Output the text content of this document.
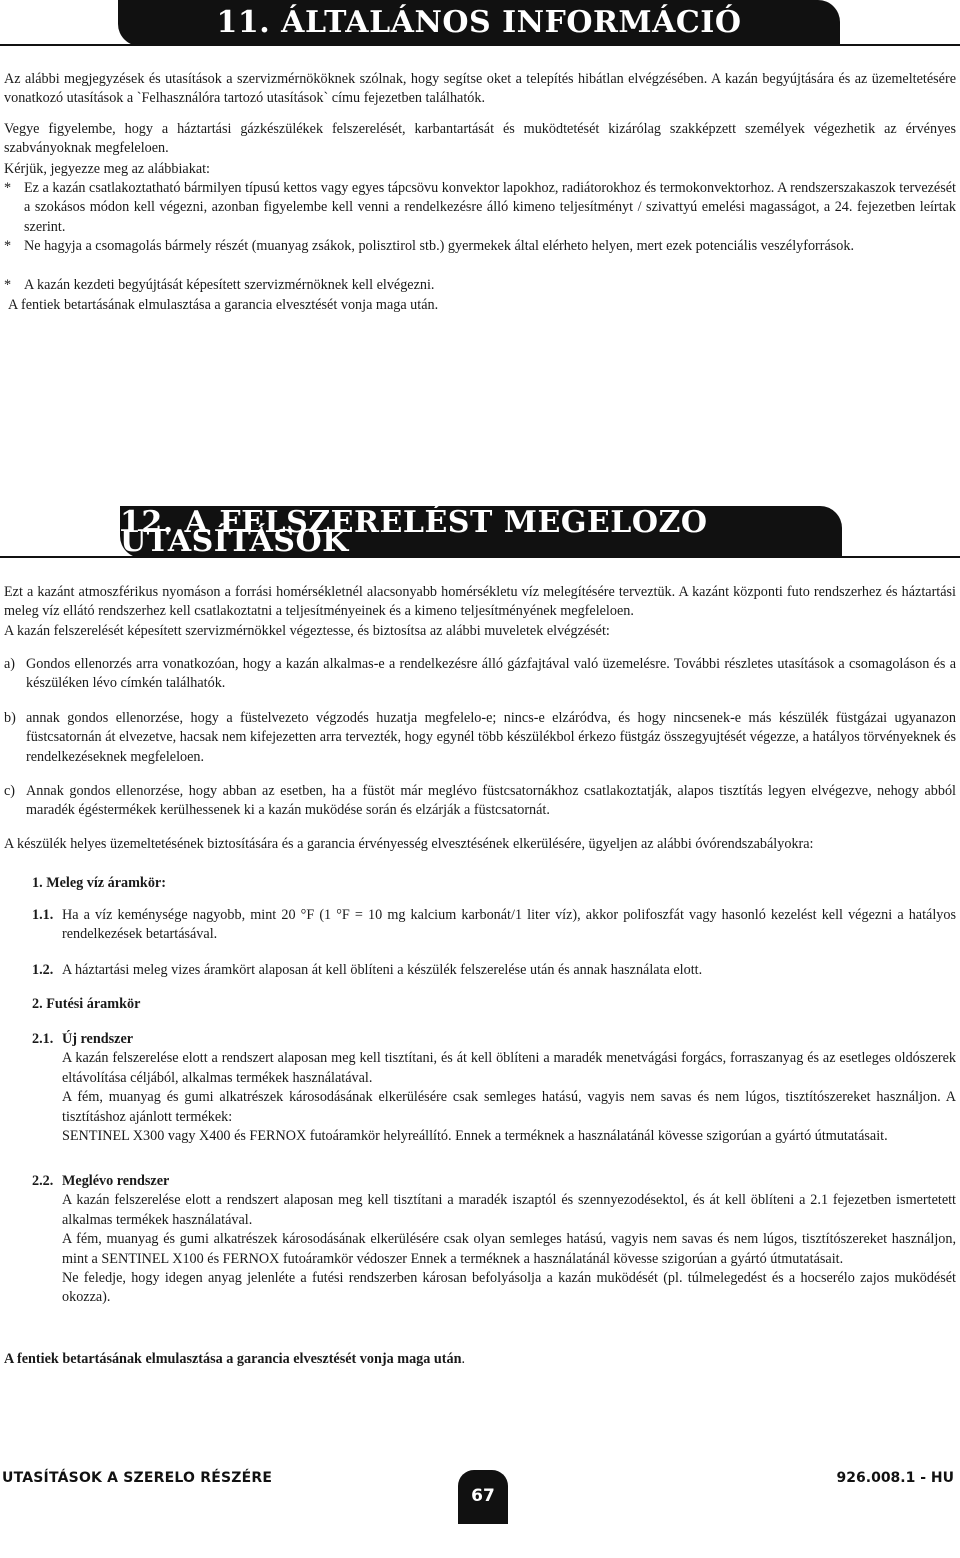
11. ÁLTALÁNOS INFORMÁCIÓ

Az alábbi megjegyzések és utasítások a szervizmérnököknek szólnak, hogy segítse oket a telepítés hibátlan elvégzésében. A kazán begyújtására és az üzemeltetésére vonatkozó utasítások a `Felhasználóra tartozó utasítások` címu fejezetben találhatók.

Vegye figyelembe, hogy a háztartási gázkészülékek felszerelését, karbantartását és muködtetését kizárólag szakképzett személyek végezhetik az érvényes szabványoknak megfeleloen.

Kérjük, jegyezze meg az alábbiakat:

* Ez a kazán csatlakoztatható bármilyen típusú kettos vagy egyes tápcsövu konvektor lapokhoz, radiátorokhoz és termokonvektorhoz. A rendszerszakaszok tervezését a szokásos módon kell végezni, azonban figyelembe kell venni a rendelkezésre álló kimeno teljesítményt / szivattyú emelési magasságot, a 24. fejezetben leírtak szerint.
* Ne hagyja a csomagolás bármely részét (muanyag zsákok, polisztirol stb.) gyermekek által elérheto helyen, mert ezek potenciális veszélyforrások.
* A kazán kezdeti begyújtását képesített szervizmérnöknek kell elvégezni.

A fentiek betartásának elmulasztása a garancia elvesztését vonja maga után.

12. A FELSZERELÉST MEGELOZO UTASÍTÁSOK

Ezt a kazánt atmoszférikus nyomáson a forrási homérsékletnél alacsonyabb homérsékletu víz melegítésére terveztük. A kazánt központi futo rendszerhez és háztartási meleg víz ellátó rendszerhez kell csatlakoztatni a teljesítményeinek és a kimeno teljesítményének megfeleloen.

A kazán felszerelését képesített szervizmérnökkel végeztesse, és biztosítsa az alábbi muveletek elvégzését:

a) Gondos ellenorzés arra vonatkozóan, hogy a kazán alkalmas-e a rendelkezésre álló gázfajtával való üzemelésre. További részletes utasítások a csomagoláson és a készüléken lévo címkén találhatók.
b) annak gondos ellenorzése, hogy a füstelvezeto végzodés huzatja megfelelo-e; nincs-e elzáródva, és hogy nincsenek-e más készülék füstgázai ugyanazon füstcsatornán át elvezetve, hacsak nem kifejezetten arra tervezték, hogy egynél több készülékbol érkezo füstgáz összegyujtését végezze, a hatályos törvényeknek és rendelkezéseknek megfeleloen.
c) Annak gondos ellenorzése, hogy abban az esetben, ha a füstöt már meglévo füstcsatornákhoz csatlakoztatják, alapos tisztítás legyen elvégezve, nehogy abból maradék égéstermékek kerülhessenek ki a kazán muködése során és elzárják a füstcsatornát.

A készülék helyes üzemeltetésének biztosítására és a garancia érvényesség elvesztésének elkerülésére, ügyeljen az alábbi óvórendszabályokra:

1. Meleg víz áramkör:
1.1. Ha a víz keménysége nagyobb, mint 20 °F (1 °F = 10 mg kalcium karbonát/1 liter víz), akkor polifoszfát vagy hasonló kezelést kell végezni a hatályos rendelkezések betartásával.
1.2. A háztartási meleg vizes áramkört alaposan át kell öblíteni a készülék felszerelése után és annak használata elott.
2. Futési áramkör
2.1. Új rendszer
A kazán felszerelése elott a rendszert alaposan meg kell tisztítani, és át kell öblíteni a maradék menetvágási forgács, forraszanyag és az esetleges oldószerek eltávolítása céljából, alkalmas termékek használatával.
A fém, muanyag és gumi alkatrészek károsodásának elkerülésére csak semleges hatású, vagyis nem savas és nem lúgos, tisztítószereket használjon. A tisztításhoz ajánlott termékek:
SENTINEL X300 vagy X400 és FERNOX futoáramkör helyreállító. Ennek a terméknek a használatánál kövesse szigorúan a gyártó útmutatásait.
2.2. Meglévo rendszer
A kazán felszerelése elott a rendszert alaposan meg kell tisztítani a maradék iszaptól és szennyezodésektol, és át kell öblíteni a 2.1 fejezetben ismertetett alkalmas termékek használatával.
A fém, muanyag és gumi alkatrészek károsodásának elkerülésére csak olyan semleges hatású, vagyis nem savas és nem lúgos, tisztítószereket használjon, mint a SENTINEL X100 és FERNOX futoáramkör védoszer Ennek a terméknek a használatánál kövesse szigorúan a gyártó útmutatásait.
Ne feledje, hogy idegen anyag jelenléte a futési rendszerben károsan befolyásolja a kazán muködését (pl. túlmelegedést és a hocserélo zajos muködését okozza).
A fentiek betartásának elmulasztása a garancia elvesztését vonja maga után.
UTASÍTÁSOK A SZERELO RÉSZÉRE
67
926.008.1 - HU
